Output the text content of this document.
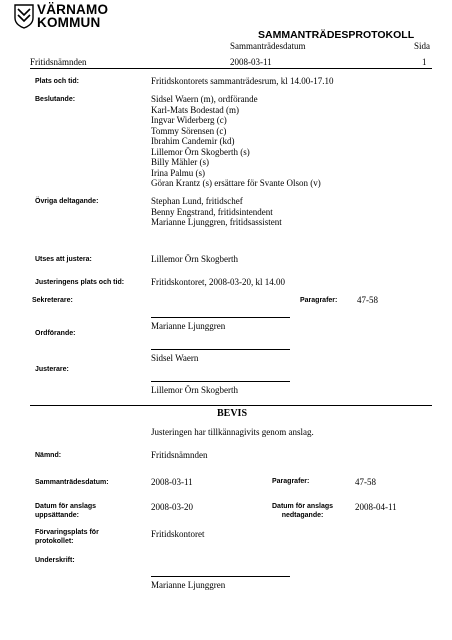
VÄRNAMO
KOMMUN
SAMMANTRÄDESPROTOKOLL
Sammanträdesdatum	Sida
Fritidsnämnden	2008-03-11	1
Plats och tid:	Fritidskontorets sammanträdesrum, kl 14.00-17.10
Beslutande:	Sidsel Waern (m), ordförande
Karl-Mats Bodestad (m)
Ingvar Widerberg (c)
Tommy Sörensen (c)
Ibrahim Candemir (kd)
Lillemor Örn Skogberth (s)
Billy Mähler (s)
Irina Palmu (s)
Göran Krantz (s) ersättare för Svante Olson (v)
Övriga deltagande:	Stephan Lund, fritidschef
Benny Engstrand, fritidsintendent
Marianne Ljunggren, fritidsassistent
Utses att justera:	Lillemor Örn Skogberth
Justeringens plats och tid:	Fritidskontoret, 2008-03-20, kl 14.00
Sekreterare:	Paragrafer: 47-58
Marianne Ljunggren
Ordförande:
Sidsel Waern
Justerare:
Lillemor Örn Skogberth
BEVIS
Justeringen har tillkännagivits genom anslag.
Nämnd:	Fritidsnämnden
Sammanträdesdatum:	2008-03-11	Paragrafer:	47-58
Datum för anslags
uppsättande:
2008-03-20	Datum för anslags
nedtagande:
2008-04-11
Förvaringsplats för
protokollet:
Fritidskontoret
Underskrift:
Marianne Ljunggren
